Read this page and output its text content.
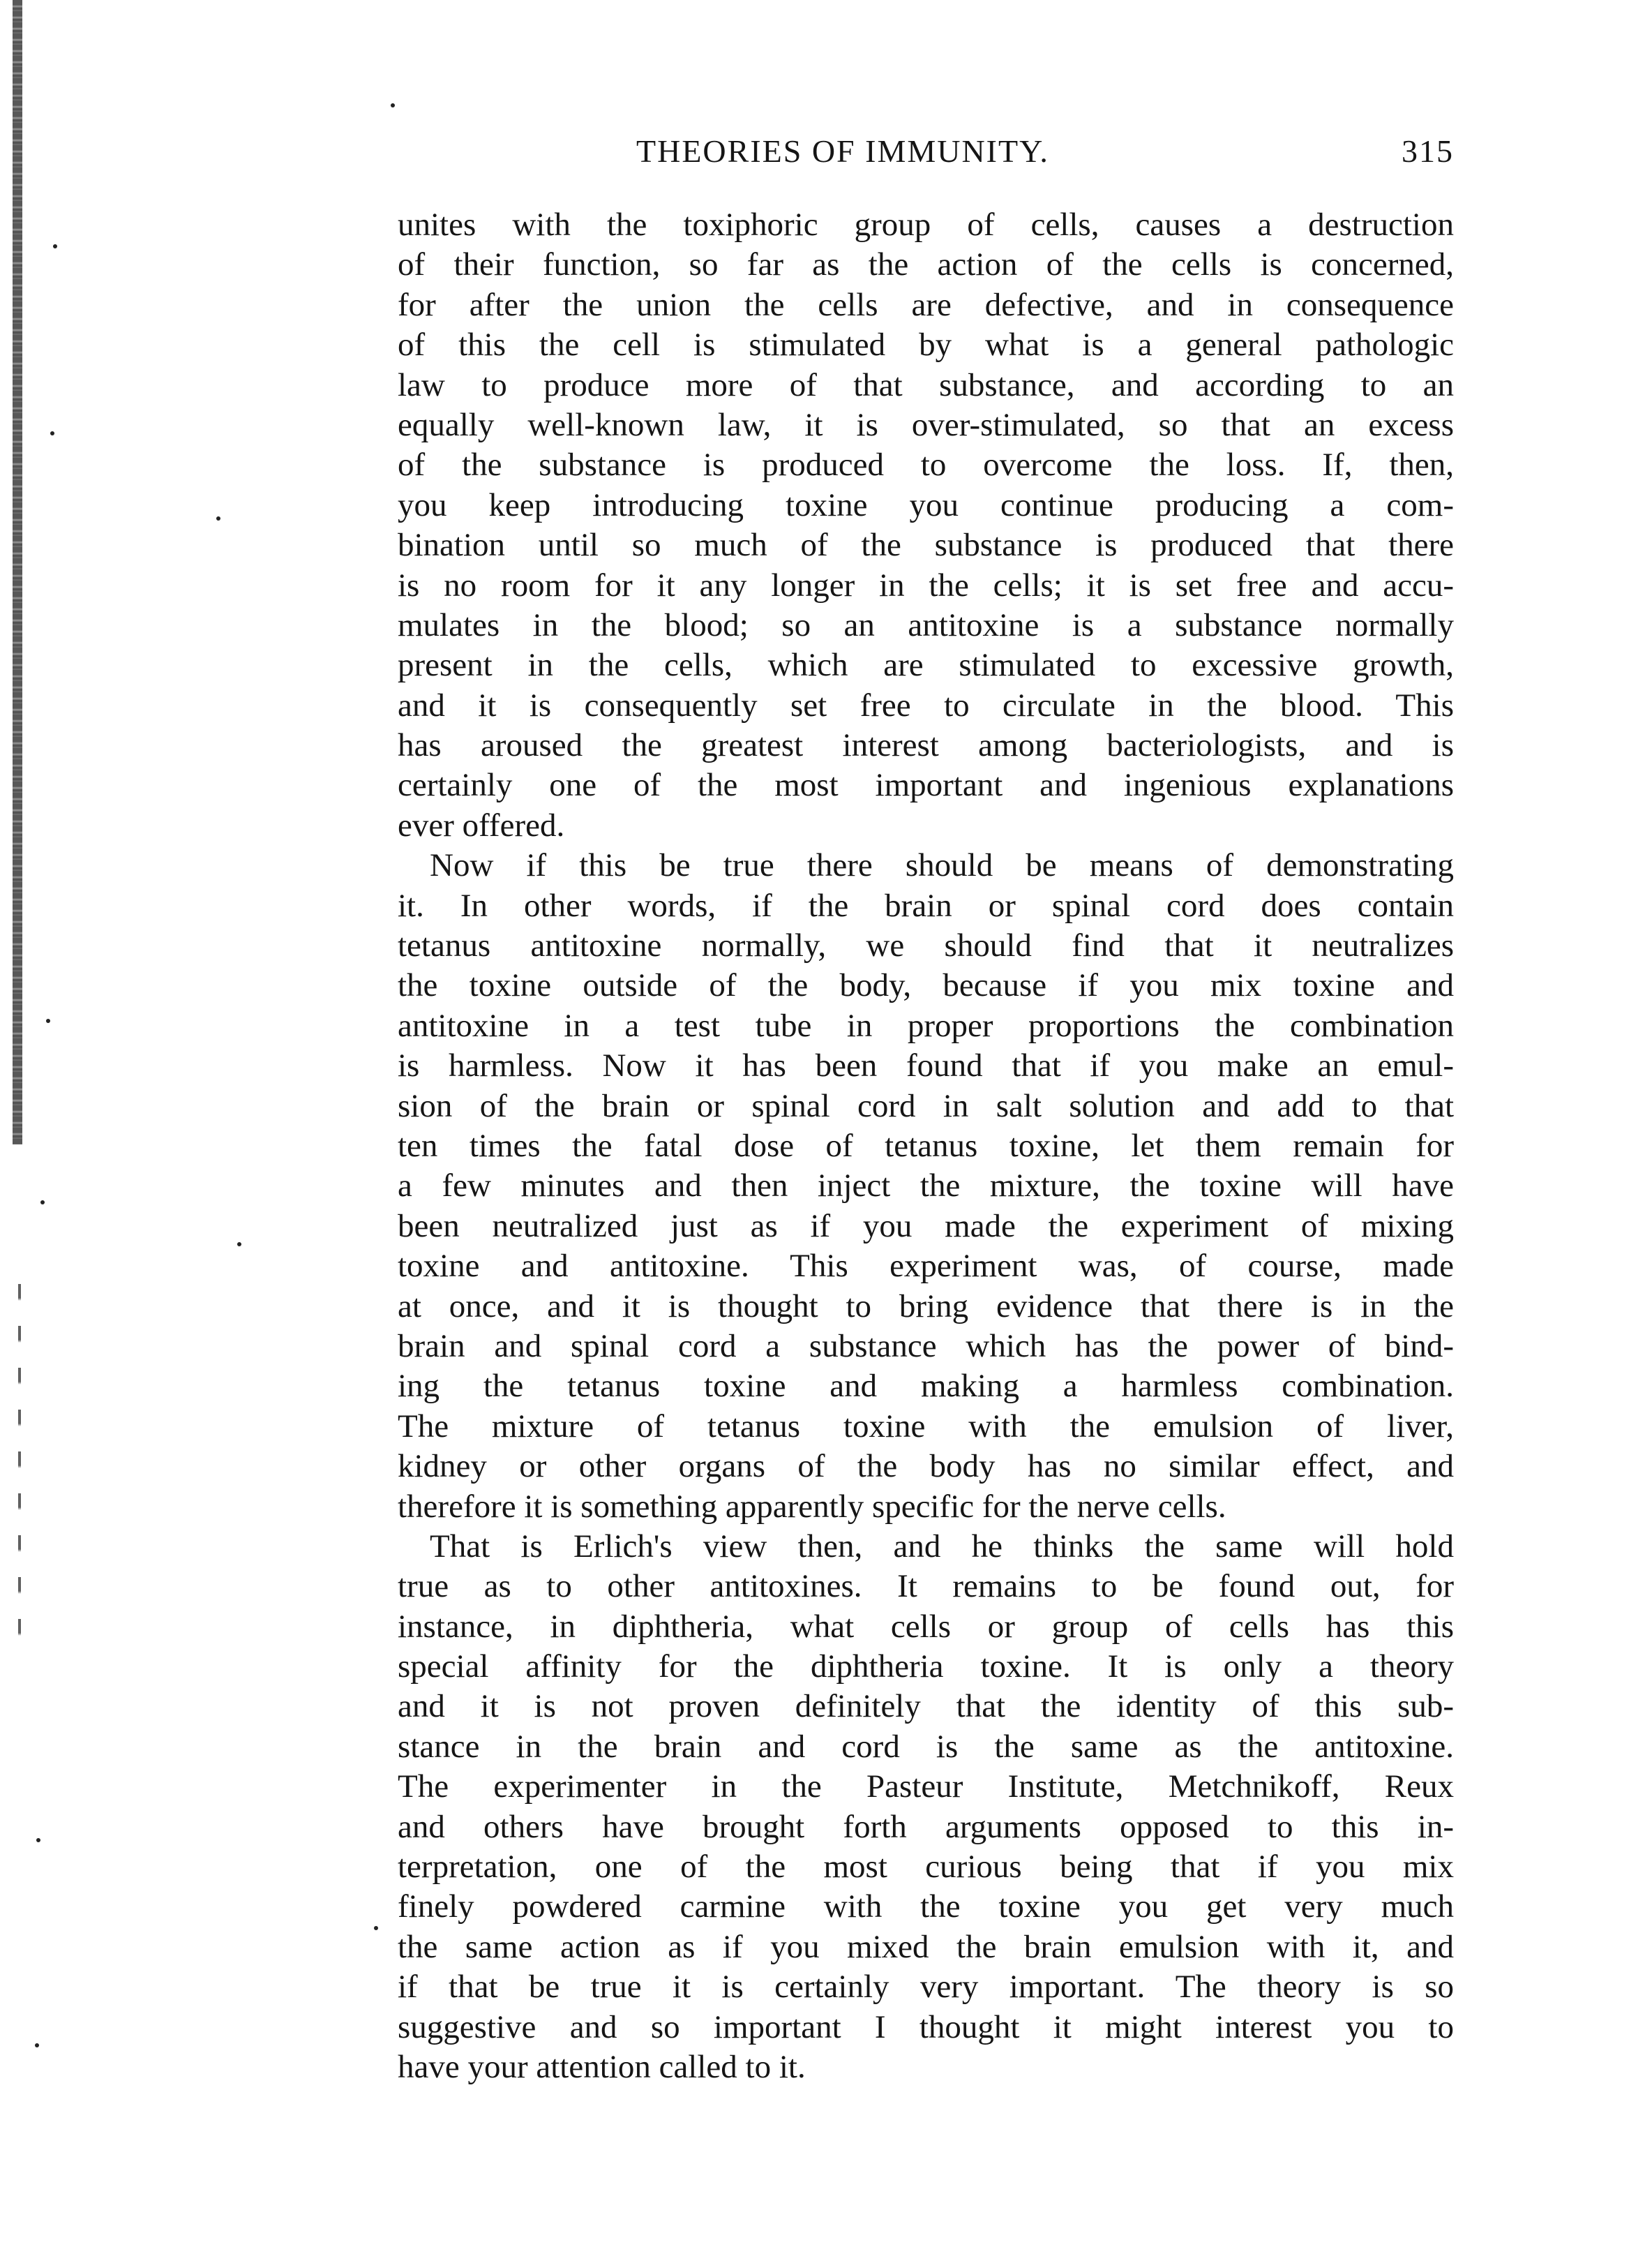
THEORIES OF IMMUNITY.	315
unites with the toxiphoric group of cells, causes a destruction
of their function, so far as the action of the cells is concerned,
for after the union the cells are defective, and in consequence
of this the cell is stimulated by what is a general pathologic
law to produce more of that substance, and according to an
equally well-known law, it is over-stimulated, so that an excess
of the substance is produced to overcome the loss. If, then,
you keep introducing toxine you continue producing a com-
bination until so much of the substance is produced that there
is no room for it any longer in the cells; it is set free and accu-
mulates in the blood; so an antitoxine is a substance normally
present in the cells, which are stimulated to excessive growth,
and it is consequently set free to circulate in the blood. This
has aroused the greatest interest among bacteriologists, and is
certainly one of the most important and ingenious explanations
ever offered.
Now if this be true there should be means of demonstrating
it. In other words, if the brain or spinal cord does contain
tetanus antitoxine normally, we should find that it neutralizes
the toxine outside of the body, because if you mix toxine and
antitoxine in a test tube in proper proportions the combination
is harmless. Now it has been found that if you make an emul-
sion of the brain or spinal cord in salt solution and add to that
ten times the fatal dose of tetanus toxine, let them remain for
a few minutes and then inject the mixture, the toxine will have
been neutralized just as if you made the experiment of mixing
toxine and antitoxine. This experiment was, of course, made
at once, and it is thought to bring evidence that there is in the
brain and spinal cord a substance which has the power of bind-
ing the tetanus toxine and making a harmless combination.
The mixture of tetanus toxine with the emulsion of liver,
kidney or other organs of the body has no similar effect, and
therefore it is something apparently specific for the nerve cells.
That is Erlich's view then, and he thinks the same will hold
true as to other antitoxines. It remains to be found out, for
instance, in diphtheria, what cells or group of cells has this
special affinity for the diphtheria toxine. It is only a theory
and it is not proven definitely that the identity of this sub-
stance in the brain and cord is the same as the antitoxine.
The experimenter in the Pasteur Institute, Metchnikoff, Reux
and others have brought forth arguments opposed to this in-
terpretation, one of the most curious being that if you mix
finely powdered carmine with the toxine you get very much
the same action as if you mixed the brain emulsion with it, and
if that be true it is certainly very important. The theory is so
suggestive and so important I thought it might interest you to
have your attention called to it.
